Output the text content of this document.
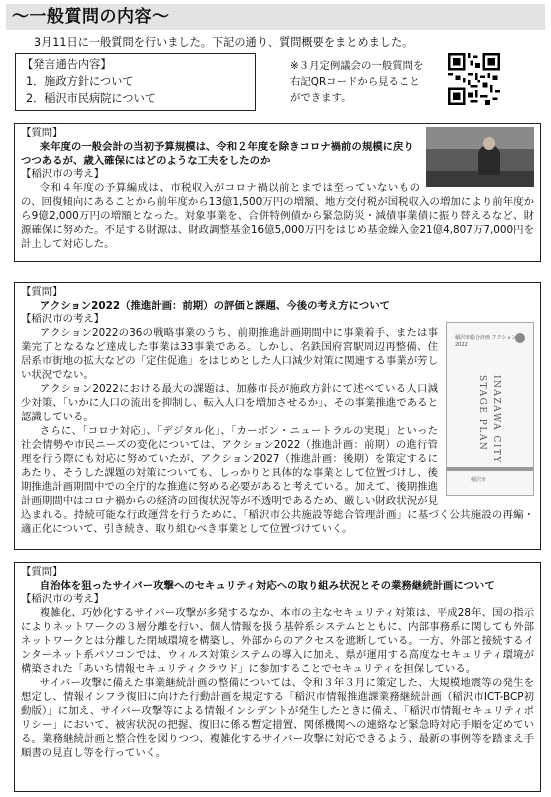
〜一般質問の内容〜
3月11日に一般質問を行いました。下記の通り、質問概要をまとめました。
【発言通告内容】
1．施政方針について
2．稲沢市民病院について
※３月定例議会の一般質問を
右記QRコードから見ること
ができます。
【質問】
来年度の一般会計の当初予算規模は、令和２年度を除きコロナ禍前の規模に戻りつつあるが、歳入確保にはどのような工夫をしたのか
【稲沢市の考え】
令和４年度の予算編成は、市税収入がコロナ禍以前とまでは至っていないものの、回復傾向にあることから前年度から13億1,500万円の増額、地方交付税が国税収入の増加により前年度から9億2,000万円の増額となった。対象事業を、合併特例債から緊急防災・減債事業債に振り替えるなど、財源確保に努めた。不足する財源は、財政調整基金16億5,000万円をはじめ基金繰入金21億4,807万7,000円を計上して対応した。
稲沢市総合計画 アクション2022
INAZAWA CITY STAGE PLAN
稲沢市
【質問】
アクション2022（推進計画：前期）の評価と課題、今後の考え方について
【稲沢市の考え】
アクション2022の36の戦略事業のうち、前期推進計画期間中に事業着手、または事業完了となるなど達成した事業は33事業である。しかし、名鉄国府宮駅周辺再整備、住居系市街地の拡大などの「定住促進」をはじめとした人口減少対策に関連する事業が芳しい状況でない。
アクション2022における最大の課題は、加藤市長が施政方針にて述べている人口減少対策、「いかに人口の流出を抑制し、転入人口を増加させるか」、その事業推進であると認識している。
さらに、「コロナ対応」、「デジタル化」、「カーボン・ニュートラルの実現」といった社会情勢や市民ニーズの変化については、アクション2022（推進計画：前期）の進行管理を行う際にも対応に努めていたが、アクション2027（推進計画：後期）を策定するにあたり、そうした課題の対策についても、しっかりと具体的な事業として位置づけし、後期推進計画期間中での全庁的な推進に努める必要があると考えている。加えて、後期推進計画期間中はコロナ禍からの経済の回復状況等が不透明であるため、厳しい財政状況が見込まれる。持続可能な行政運営を行うために、「稲沢市公共施設等総合管理計画」に基づく公共施設の再編・適正化について、引き続き、取り組むべき事業として位置づけていく。
【質問】
自治体を狙ったサイバー攻撃へのセキュリティ対応への取り組み状況とその業務継続計画について
【稲沢市の考え】
複雑化、巧妙化するサイバー攻撃が多発するなか、本市の主なセキュリティ対策は、平成28年、国の指示によりネットワークの３層分離を行い、個人情報を扱う基幹系システムとともに、内部事務系に関しても外部ネットワークとは分離した閉域環境を構築し、外部からのアクセスを遮断している。一方、外部と接続するインターネット系パソコンでは、ウィルス対策システムの導入に加え、県が運用する高度なセキュリティ環境が構築された「あいち情報セキュリティクラウド」に参加することでセキュリティを担保している。
サイバー攻撃に備えた事業継続計画の整備については、令和３年３月に策定した、大規模地震等の発生を想定し、情報インフラ復旧に向けた行動計画を規定する「稲沢市情報推進課業務継続計画（稲沢市ICT-BCP初動版）」に加え、サイバー攻撃等による情報インシデントが発生したときに備え、「稲沢市情報セキュリティポリシー」において、被害状況の把握、復旧に係る暫定措置、関係機関への連絡など緊急時対応手順を定めている。業務継続計画と整合性を図りつつ、複雑化するサイバー攻撃に対応できるよう、最新の事例等を踏まえ手順書の見直し等を行っていく。
